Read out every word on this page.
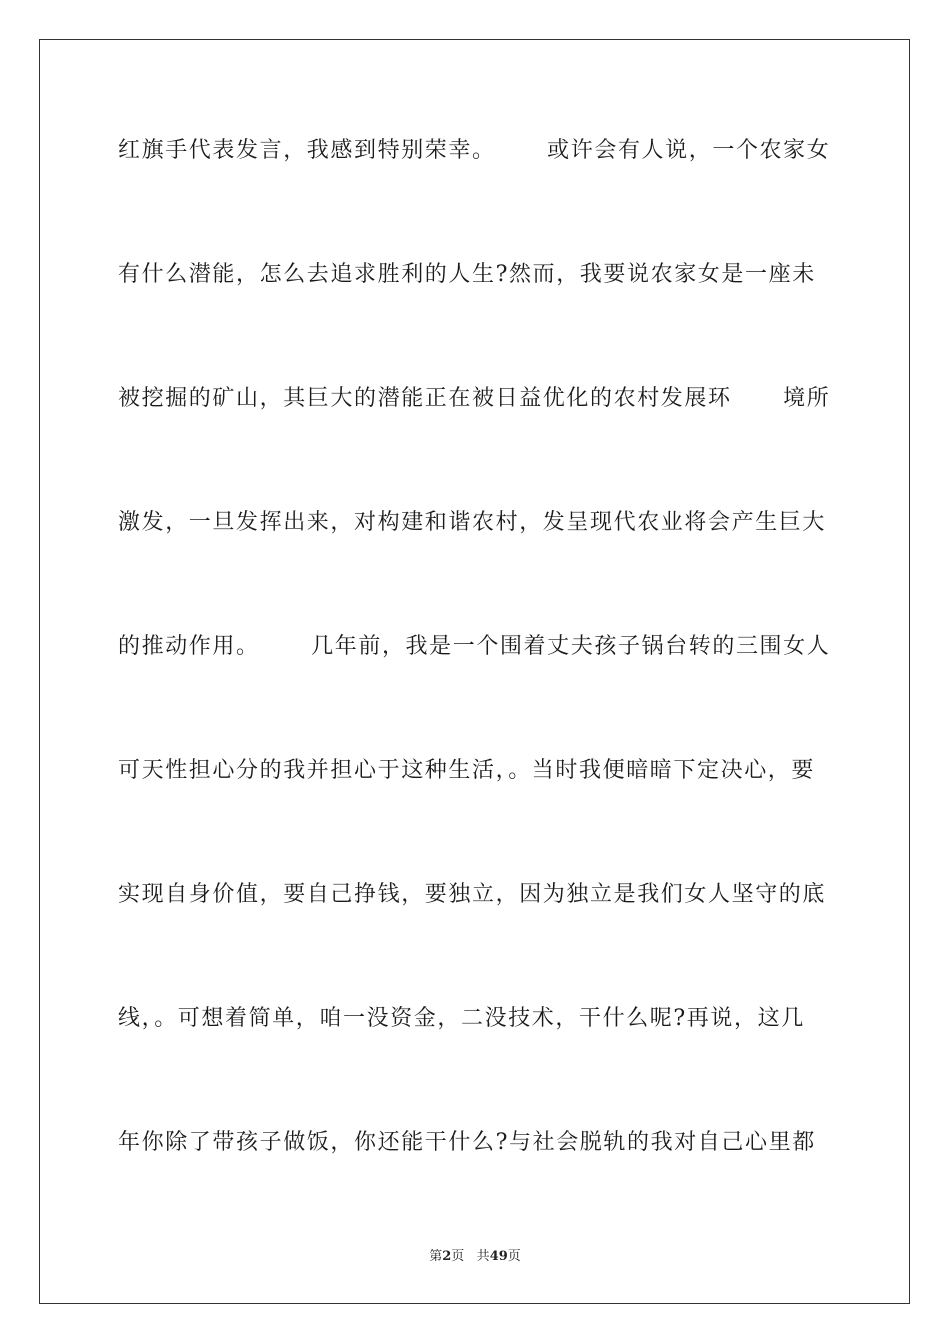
红旗手代表发言，我感到特别荣幸。      或许会有人说，一个农家女
有什么潜能，怎么去追求胜利的人生?然而，我要说农家女是一座未
被挖掘的矿山，其巨大的潜能正在被日益优化的农村发展环      境所
激发，一旦发挥出来，对构建和谐农村，发呈现代农业将会产生巨大
的推动作用。      几年前，我是一个围着丈夫孩子锅台转的三围女人
可天性担心分的我并担心于这种生活，。当时我便暗暗下定决心，要
实现自身价值，要自己挣钱，要独立，因为独立是我们女人坚守的底
线，。可想着简单，咱一没资金，二没技术，干什么呢?再说，这几
年你除了带孩子做饭，你还能干什么?与社会脱轨的我对自己心里都
第2页 共49页
